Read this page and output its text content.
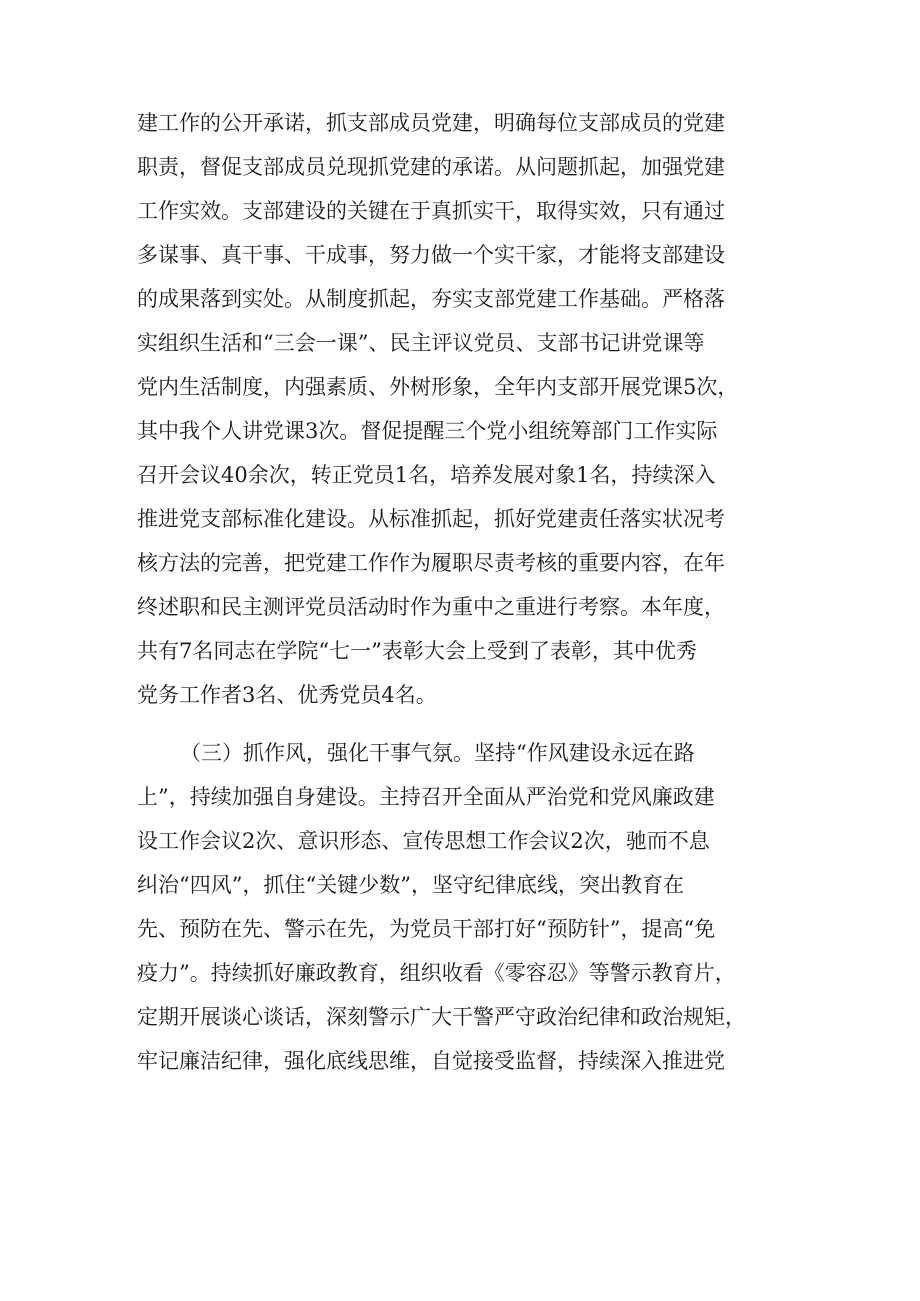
建工作的公开承诺，抓支部成员党建，明确每位支部成员的党建
职责，督促支部成员兑现抓党建的承诺。从问题抓起，加强党建
工作实效。支部建设的关键在于真抓实干，取得实效，只有通过
多谋事、真干事、干成事，努力做一个实干家，才能将支部建设
的成果落到实处。从制度抓起，夯实支部党建工作基础。严格落
实组织生活和“三会一课”、民主评议党员、支部书记讲党课等
党内生活制度，内强素质、外树形象，全年内支部开展党课5次，
其中我个人讲党课3次。督促提醒三个党小组统筹部门工作实际
召开会议40余次，转正党员1名，培养发展对象1名，持续深入
推进党支部标准化建设。从标准抓起，抓好党建责任落实状况考
核方法的完善，把党建工作作为履职尽责考核的重要内容，在年
终述职和民主测评党员活动时作为重中之重进行考察。本年度，
共有7名同志在学院“七一”表彰大会上受到了表彰，其中优秀
党务工作者3名、优秀党员4名。
（三）抓作风，强化干事气氛。坚持“作风建设永远在路
上”，持续加强自身建设。主持召开全面从严治党和党风廉政建
设工作会议2次、意识形态、宣传思想工作会议2次，驰而不息
纠治“四风”，抓住“关键少数”，坚守纪律底线，突出教育在
先、预防在先、警示在先，为党员干部打好“预防针”，提高“免
疫力”。持续抓好廉政教育，组织收看《零容忍》等警示教育片，
定期开展谈心谈话，深刻警示广大干警严守政治纪律和政治规矩，
牢记廉洁纪律，强化底线思维，自觉接受监督，持续深入推进党
